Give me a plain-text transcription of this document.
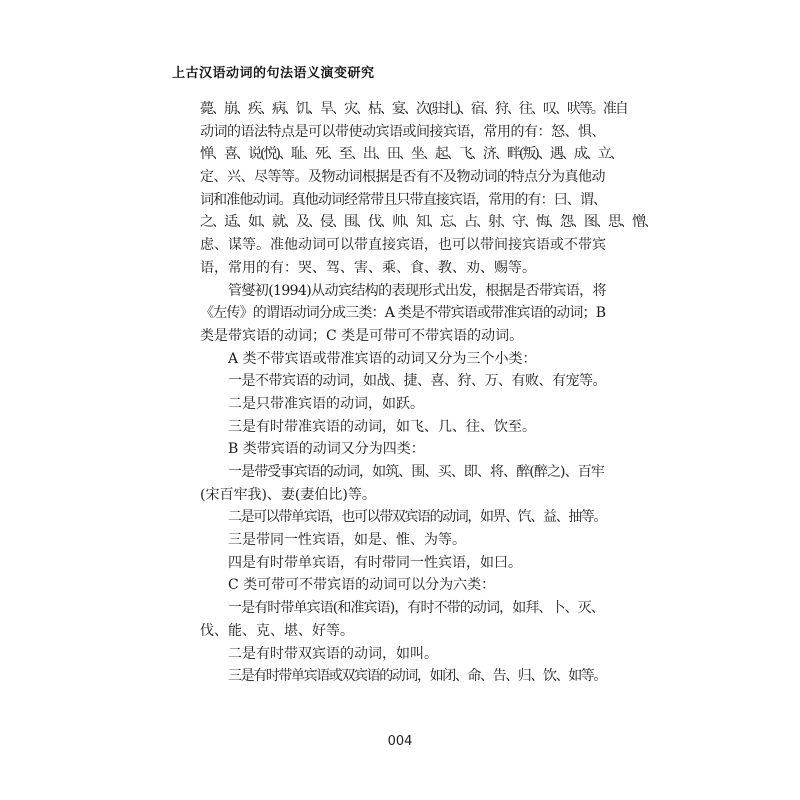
上古汉语动词的句法语义演变研究
薨、崩、疾、病、饥、旱、灾、枯、宴、次(驻扎)、宿、狩、往、叹、吠等。准自
动词的语法特点是可以带使动宾语或间接宾语，常用的有：怒、惧、
惮、喜、说(悦)、耻、死、至、出、田、坐、起、飞、济、畔(叛)、遇、成、立、
定、兴、尽等等。及物动词根据是否有不及物动词的特点分为真他动
词和准他动词。真他动词经常带且只带直接宾语，常用的有：曰、谓、
之、适、如、就、及、侵、围、伐、帅、知、忘、占、射、守、悔、怨、图、思、憎、
虑、谋等。准他动词可以带直接宾语，也可以带间接宾语或不带宾
语，常用的有：哭、驾、害、乘、食、教、劝、赐等。
管燮初(1994)从动宾结构的表现形式出发，根据是否带宾语，将
《左传》的谓语动词分成三类：A 类是不带宾语或带准宾语的动词；B
类是带宾语的动词；C 类是可带可不带宾语的动词。
A 类不带宾语或带准宾语的动词又分为三个小类：
一是不带宾语的动词，如战、捷、喜、狩、万、有败、有宠等。
二是只带准宾语的动词，如跃。
三是有时带准宾语的动词，如飞、几、往、饮至。
B 类带宾语的动词又分为四类：
一是带受事宾语的动词，如筑、围、买、即、将、醉(醉之)、百牢
(宋百牢我)、妻(妻伯比)等。
二是可以带单宾语，也可以带双宾语的动词，如畀、饩、益、抽等。
三是带同一性宾语，如是、惟、为等。
四是有时带单宾语，有时带同一性宾语，如曰。
C 类可带可不带宾语的动词可以分为六类：
一是有时带单宾语(和准宾语)，有时不带的动词，如拜、卜、灭、
伐、能、克、堪、好等。
二是有时带双宾语的动词，如叫。
三是有时带单宾语或双宾语的动词，如闭、命、告、归、饮、如等。
004
